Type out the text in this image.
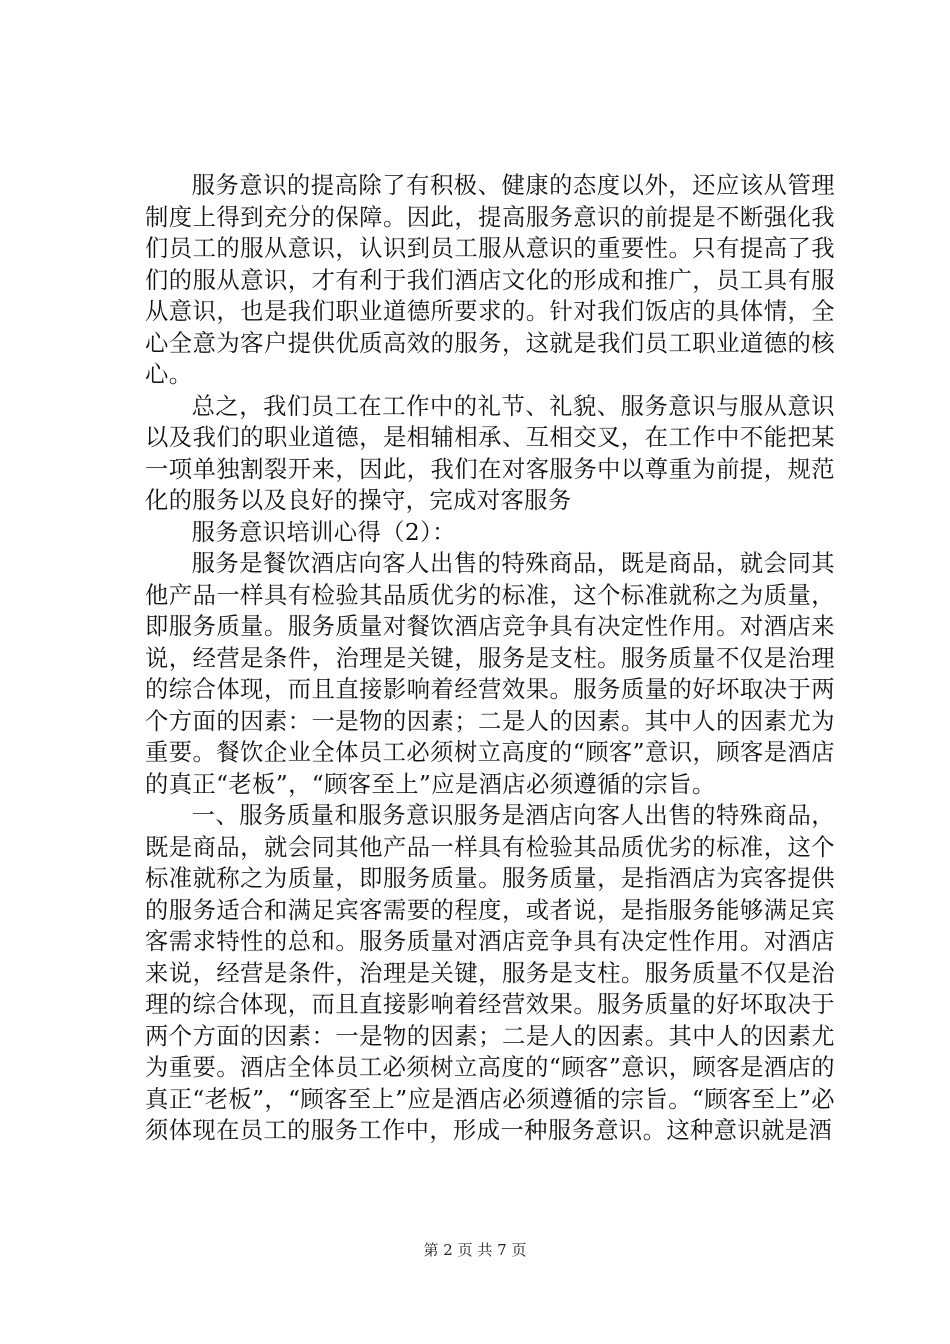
服务意识的提高除了有积极、健康的态度以外，还应该从管理制度上得到充分的保障。因此，提高服务意识的前提是不断强化我们员工的服从意识，认识到员工服从意识的重要性。只有提高了我们的服从意识，才有利于我们酒店文化的形成和推广，员工具有服从意识，也是我们职业道德所要求的。针对我们饭店的具体情，全心全意为客户提供优质高效的服务，这就是我们员工职业道德的核心。

总之，我们员工在工作中的礼节、礼貌、服务意识与服从意识以及我们的职业道德，是相辅相承、互相交叉，在工作中不能把某一项单独割裂开来，因此，我们在对客服务中以尊重为前提，规范化的服务以及良好的操守，完成对客服务

服务意识培训心得（2）：

服务是餐饮酒店向客人出售的特殊商品，既是商品，就会同其他产品一样具有检验其品质优劣的标准，这个标准就称之为质量，即服务质量。服务质量对餐饮酒店竞争具有决定性作用。对酒店来说，经营是条件，治理是关键，服务是支柱。服务质量不仅是治理的综合体现，而且直接影响着经营效果。服务质量的好坏取决于两个方面的因素：一是物的因素；二是人的因素。其中人的因素尤为重要。餐饮企业全体员工必须树立高度的“顾客”意识，顾客是酒店的真正“老板”，“顾客至上”应是酒店必须遵循的宗旨。

一、服务质量和服务意识服务是酒店向客人出售的特殊商品，既是商品，就会同其他产品一样具有检验其品质优劣的标准，这个标准就称之为质量，即服务质量。服务质量，是指酒店为宾客提供的服务适合和满足宾客需要的程度，或者说，是指服务能够满足宾客需求特性的总和。服务质量对酒店竞争具有决定性作用。对酒店来说，经营是条件，治理是关键，服务是支柱。服务质量不仅是治理的综合体现，而且直接影响着经营效果。服务质量的好坏取决于两个方面的因素：一是物的因素；二是人的因素。其中人的因素尤为重要。酒店全体员工必须树立高度的“顾客”意识，顾客是酒店的真正“老板”，“顾客至上”应是酒店必须遵循的宗旨。“顾客至上”必须体现在员工的服务工作中，形成一种服务意识。这种意识就是酒

第 2 页 共 7 页
